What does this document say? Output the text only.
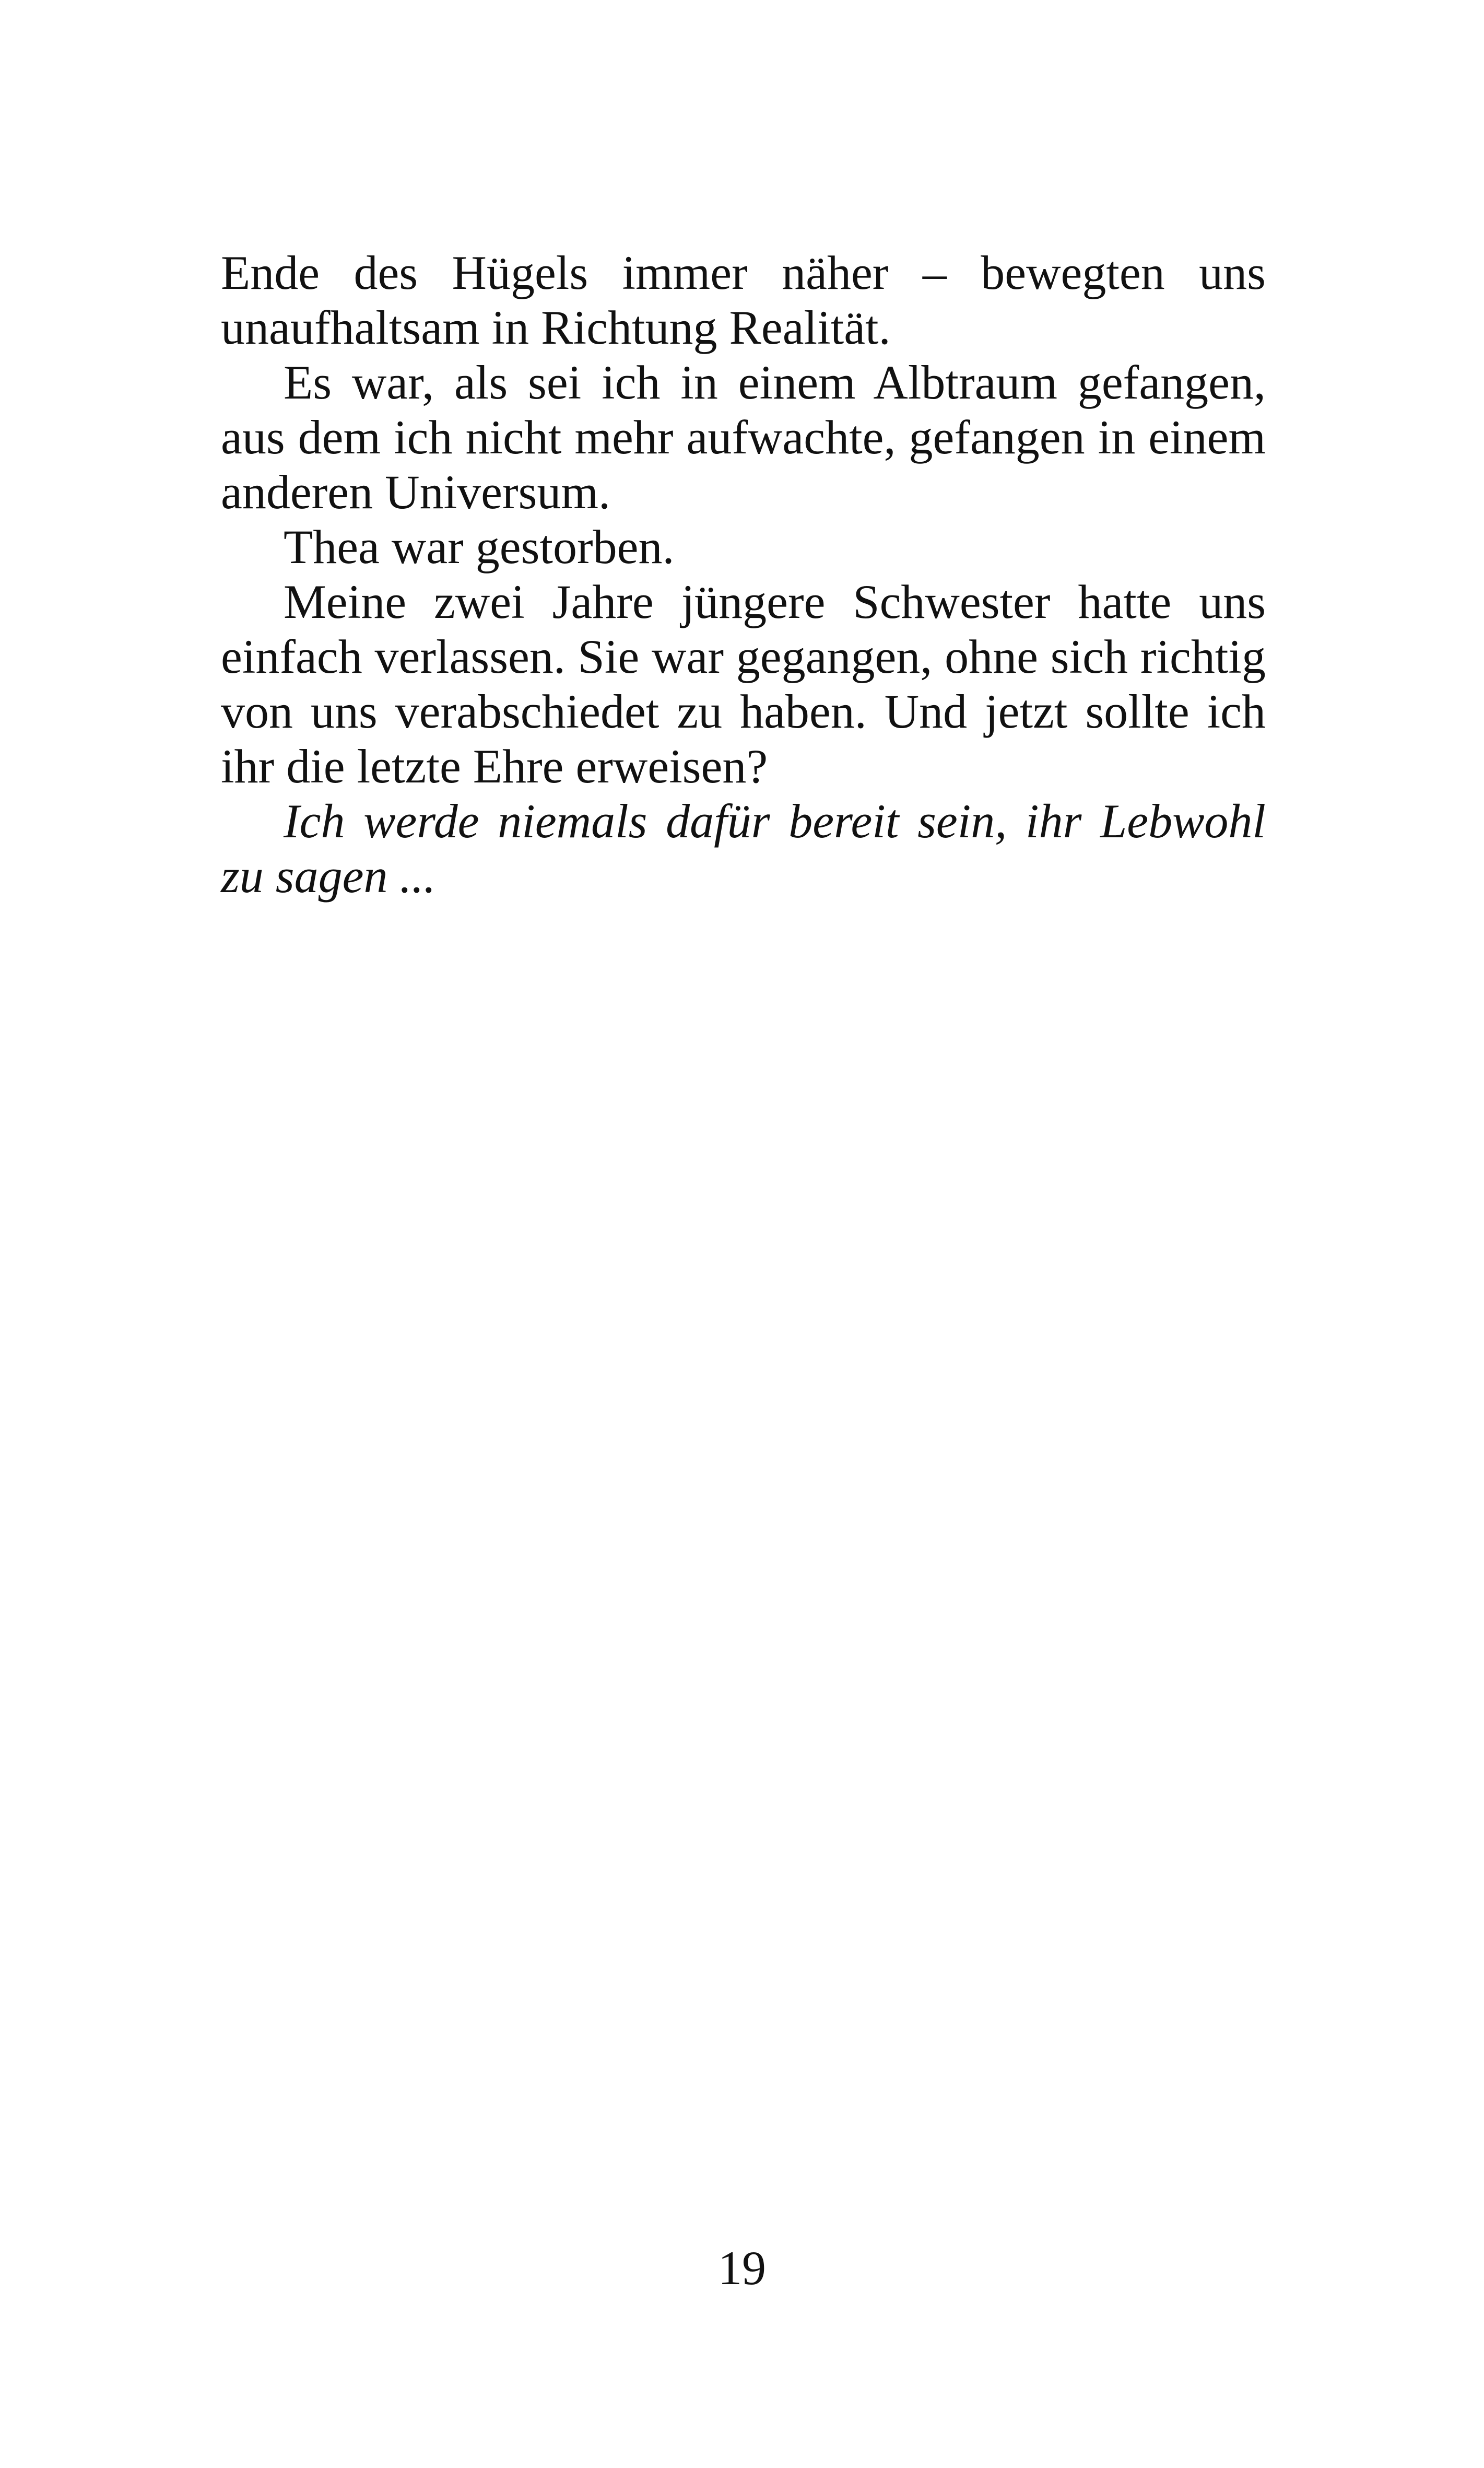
Ende des Hügels immer näher – bewegten uns unaufhaltsam in Richtung Realität.

Es war, als sei ich in einem Albtraum gefangen, aus dem ich nicht mehr aufwachte, gefangen in einem anderen Universum.

Thea war gestorben.

Meine zwei Jahre jüngere Schwester hatte uns einfach verlassen. Sie war gegangen, ohne sich richtig von uns verabschiedet zu haben. Und jetzt sollte ich ihr die letzte Ehre erweisen?

Ich werde niemals dafür bereit sein, ihr Lebwohl zu sagen ...

19
